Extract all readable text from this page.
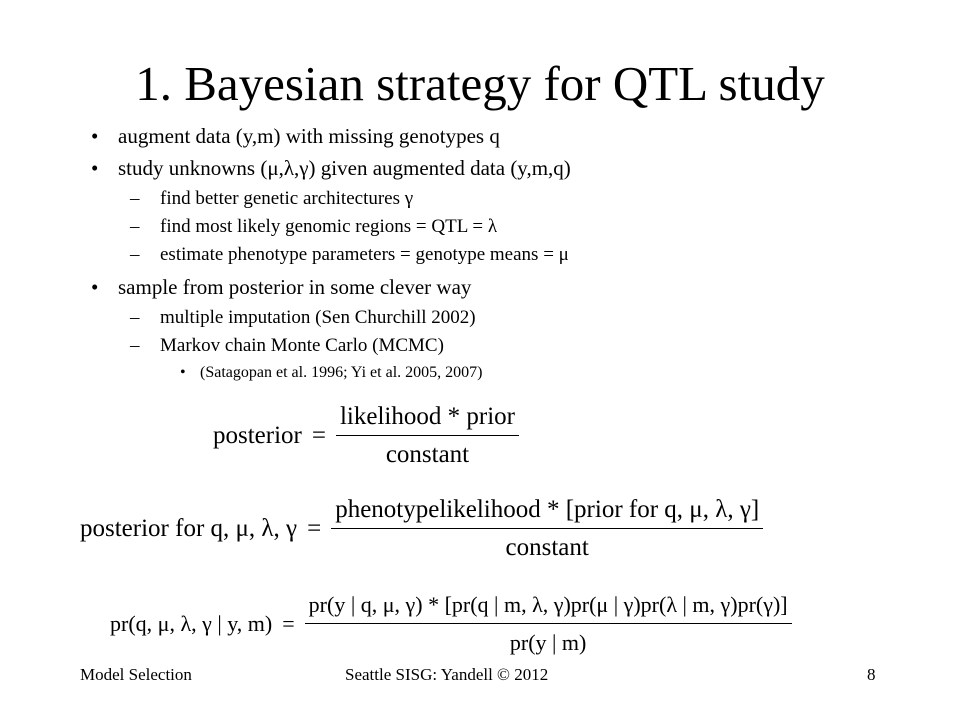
1. Bayesian strategy for QTL study
• augment data (y,m) with missing genotypes q
• study unknowns (μ,λ,γ) given augmented data (y,m,q)
– find better genetic architectures γ
– find most likely genomic regions = QTL = λ
– estimate phenotype parameters = genotype means = μ
• sample from posterior in some clever way
– multiple imputation (Sen Churchill 2002)
– Markov chain Monte Carlo (MCMC)
• (Satagopan et al. 1996; Yi et al. 2005, 2007)
posterior = $\frac{\text{likelihood * prior}}{\text{constant}}$
posterior for q, μ, λ, $\gamma = \frac{\text{phenotypelikelihood * [prior for q, μ, λ, γ]}}{\text{constant}}$
pr(q, μ, λ, γ | y, m) =
pr(y | q, μ, γ) * [pr(q | m, λ, γ)pr(μ | γ)pr(λ | m, γ)pr(γ)]
pr(y | m)
Model Selection	Seattle SISG: Yandell © 2012	8
